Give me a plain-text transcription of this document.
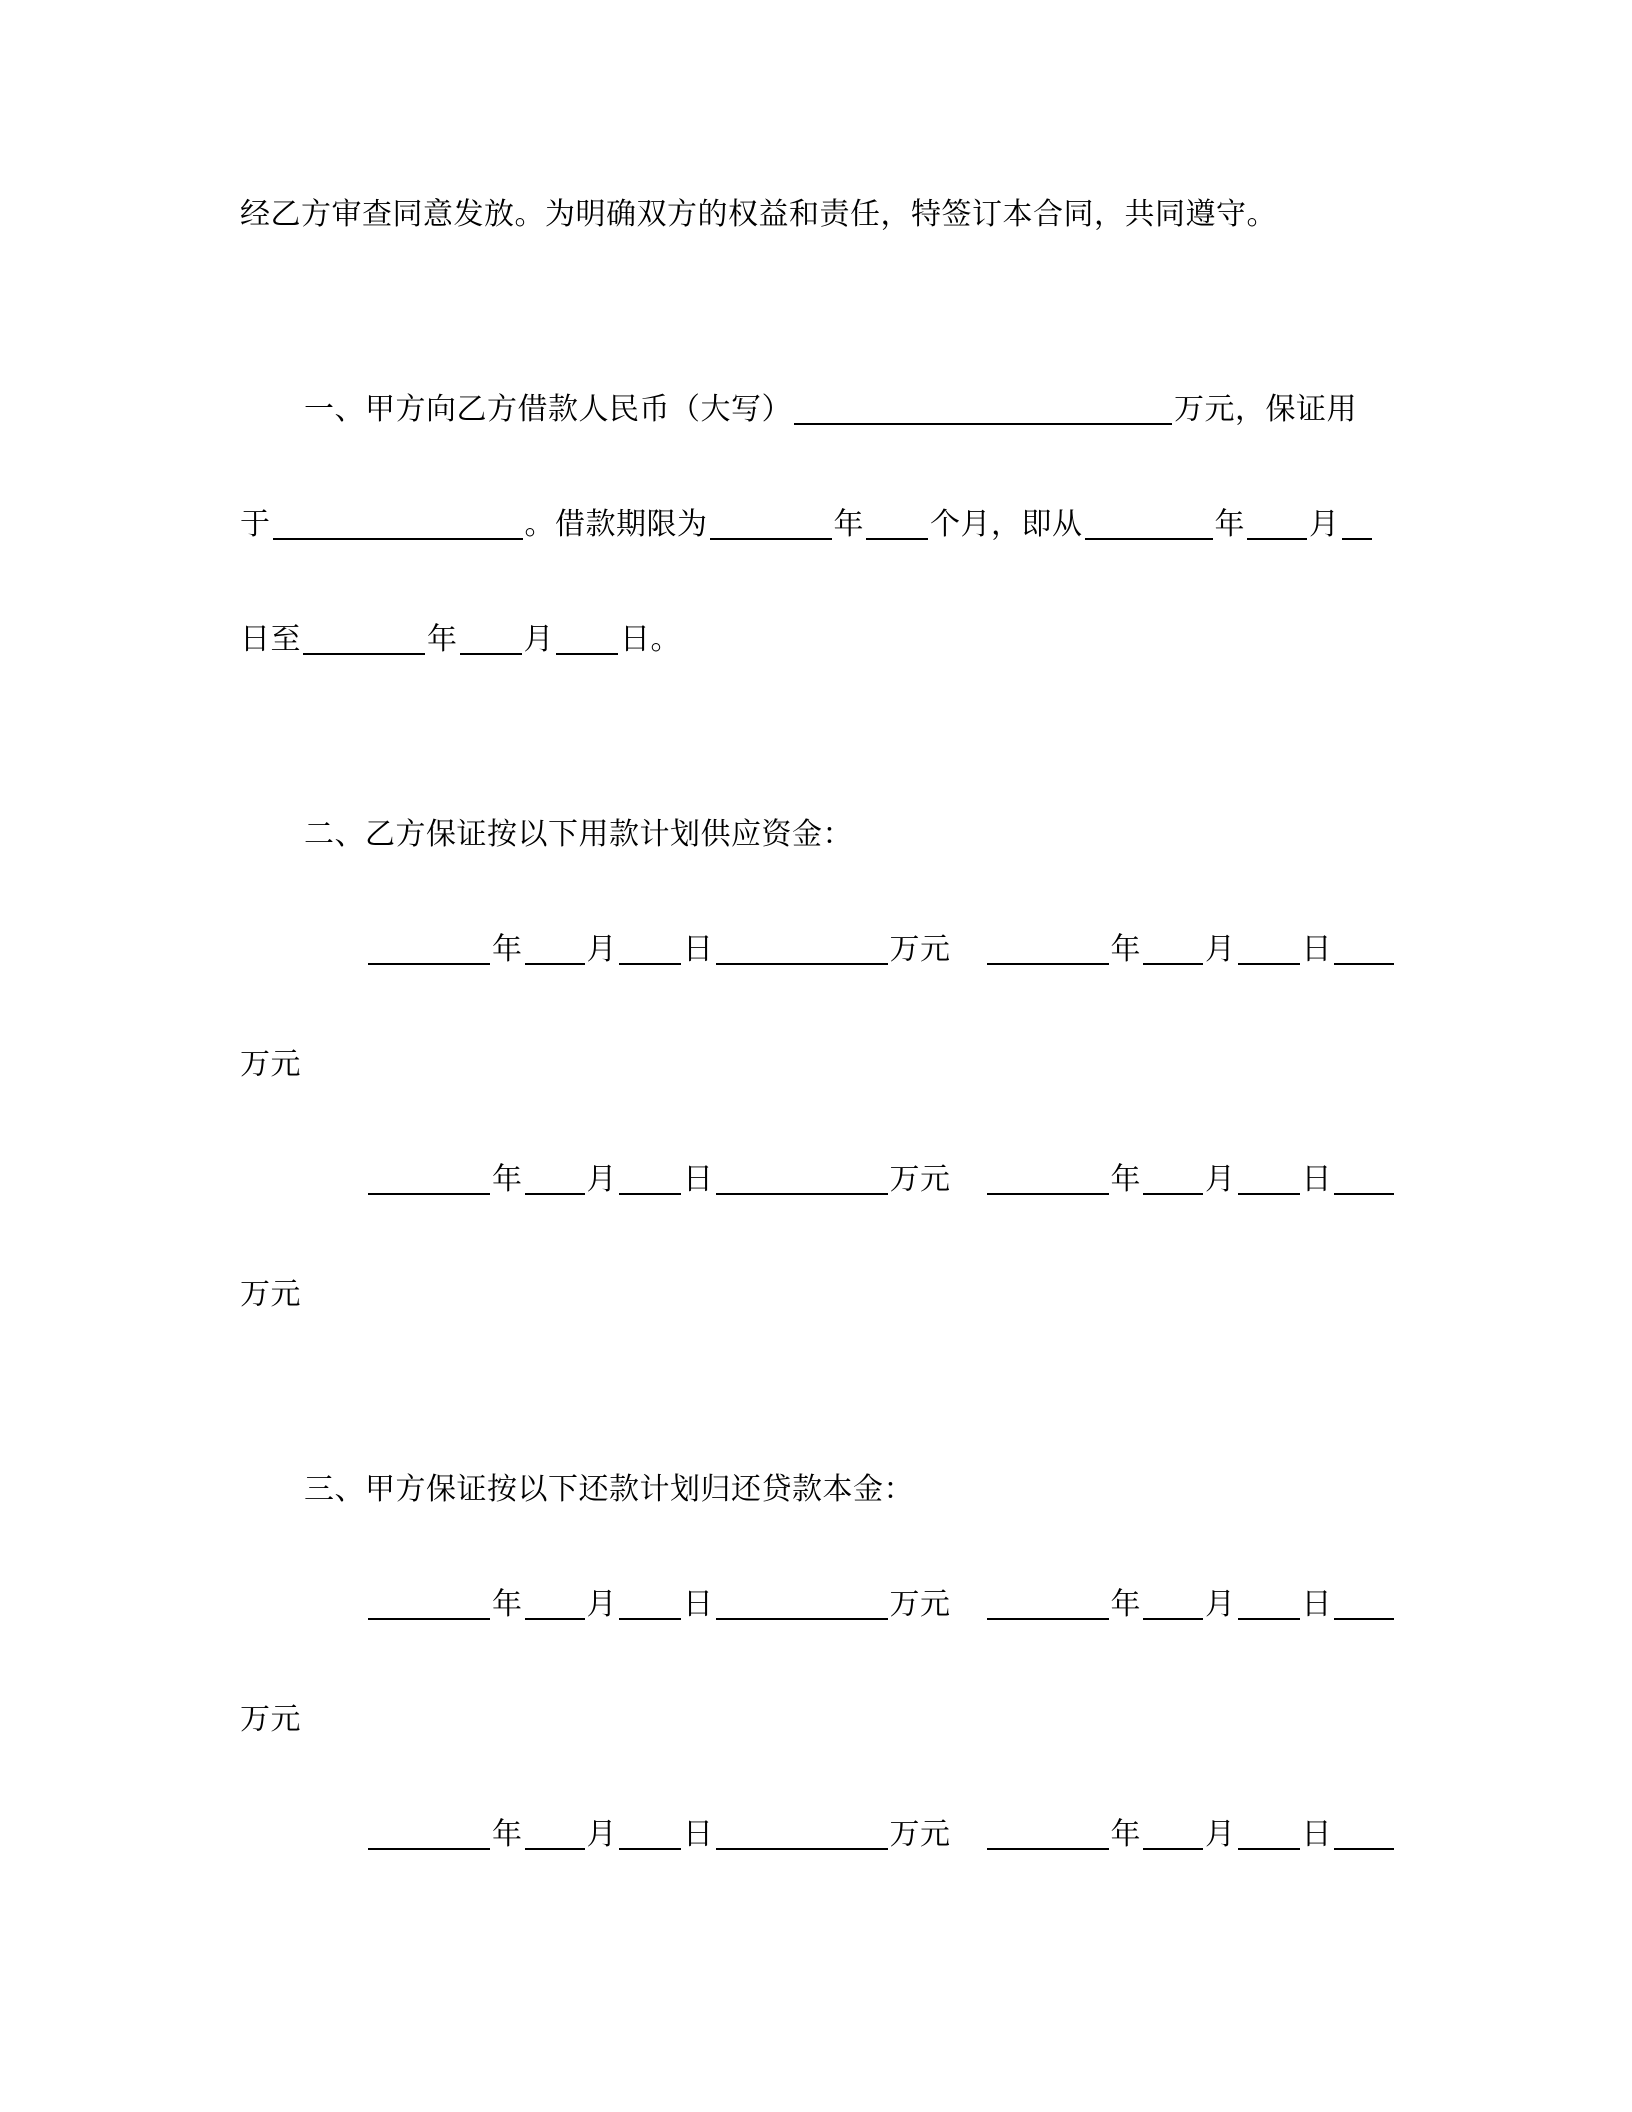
经乙方审查同意发放。为明确双方的权益和责任，特签订本合同，共同遵守。
一、甲方向乙方借款人民币（大写）	万元，保证用
于	。借款期限为	年 个月，即从	年 月
日至	年 月 日。
二、乙方保证按以下用款计划供应资金：
年 月 日	万元	年 月 日
万元
年 月 日	万元	年 月 日
万元
三、甲方保证按以下还款计划归还贷款本金：
年 月 日	万元	年 月 日
万元
年 月 日	万元	年 月 日
